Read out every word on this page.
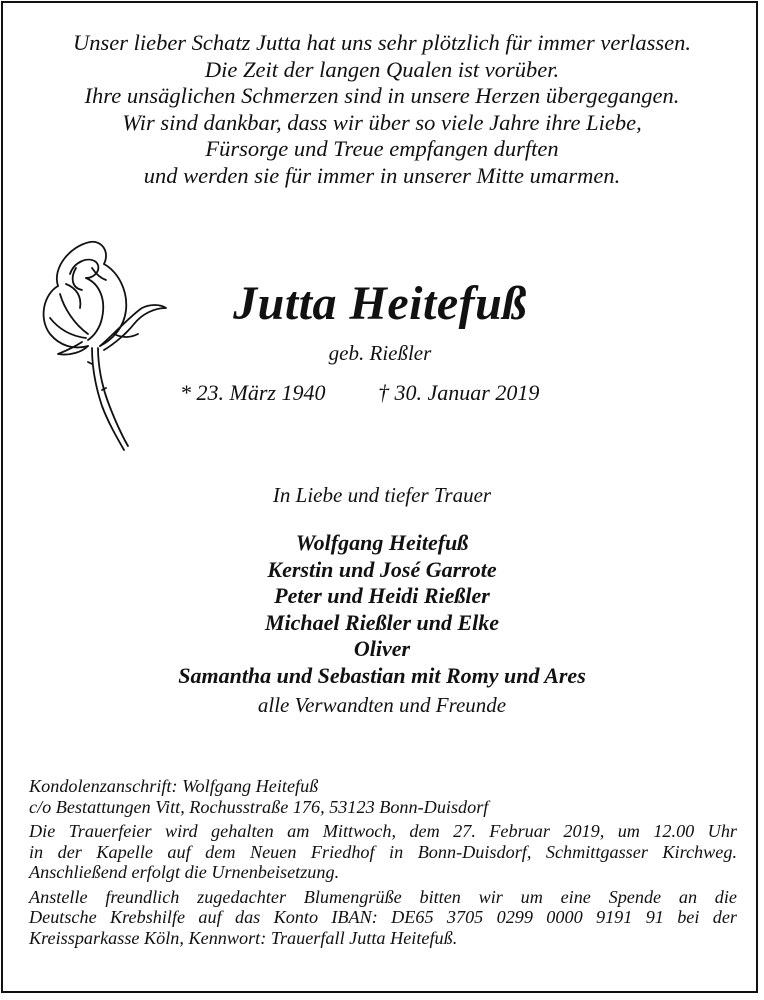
Unser lieber Schatz Jutta hat uns sehr plötzlich für immer verlassen.
Die Zeit der langen Qualen ist vorüber.
Ihre unsäglichen Schmerzen sind in unsere Herzen übergegangen.
Wir sind dankbar, dass wir über so viele Jahre ihre Liebe,
Fürsorge und Treue empfangen durften
und werden sie für immer in unserer Mitte umarmen.
Jutta Heitefuß
geb. Rießler
* 23. März 1940 † 30. Januar 2019
In Liebe und tiefer Trauer
Wolfgang Heitefuß
Kerstin und José Garrote
Peter und Heidi Rießler
Michael Rießler und Elke
Oliver
Samantha und Sebastian mit Romy und Ares
alle Verwandten und Freunde
Kondolenzanschrift: Wolfgang Heitefuß
c/o Bestattungen Vitt, Rochusstraße 176, 53123 Bonn-Duisdorf
Die Trauerfeier wird gehalten am Mittwoch, dem 27. Februar 2019, um 12.00 Uhr
in der Kapelle auf dem Neuen Friedhof in Bonn-Duisdorf, Schmittgasser Kirchweg.
Anschließend erfolgt die Urnenbeisetzung.
Anstelle freundlich zugedachter Blumengrüße bitten wir um eine Spende an die
Deutsche Krebshilfe auf das Konto IBAN: DE65 3705 0299 0000 9191 91 bei der
Kreissparkasse Köln, Kennwort: Trauerfall Jutta Heitefuß.
